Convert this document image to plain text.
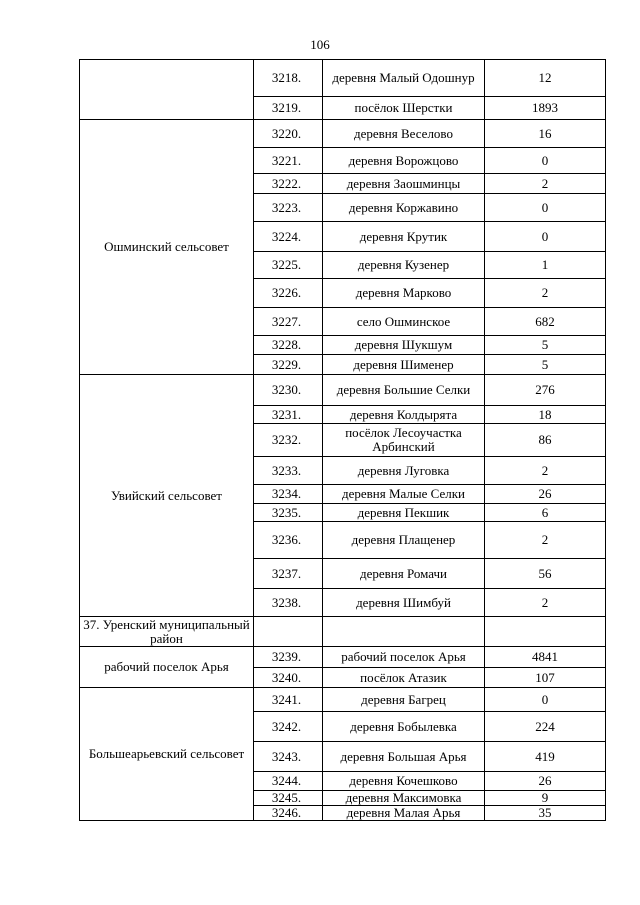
106
	3218.	деревня Малый Одошнур	12
	3219.	посёлок Шерстки	1893
Ошминский сельсовет	3220.	деревня Веселово	16
	3221.	деревня Ворожцово	0
	3222.	деревня Заошминцы	2
	3223.	деревня Коржавино	0
	3224.	деревня Крутик	0
	3225.	деревня Кузенер	1
	3226.	деревня Марково	2
	3227.	село Ошминское	682
	3228.	деревня Шукшум	5
	3229.	деревня Шименер	5
Увийский сельсовет	3230.	деревня Большие Селки	276
	3231.	деревня Колдырята	18
	3232.	посёлок Лесоучастка Арбинский	86
	3233.	деревня Луговка	2
	3234.	деревня Малые Селки	26
	3235.	деревня Пекшик	6
	3236.	деревня Плащенер	2
	3237.	деревня Ромачи	56
	3238.	деревня Шимбуй	2
37. Уренский муниципальный район			
рабочий поселок Арья	3239.	рабочий поселок Арья	4841
	3240.	посёлок Атазик	107
Большеарьевский сельсовет	3241.	деревня Багрец	0
	3242.	деревня Бобылевка	224
	3243.	деревня Большая Арья	419
	3244.	деревня Кочешково	26
	3245.	деревня Максимовка	9
	3246.	деревня Малая Арья	35
